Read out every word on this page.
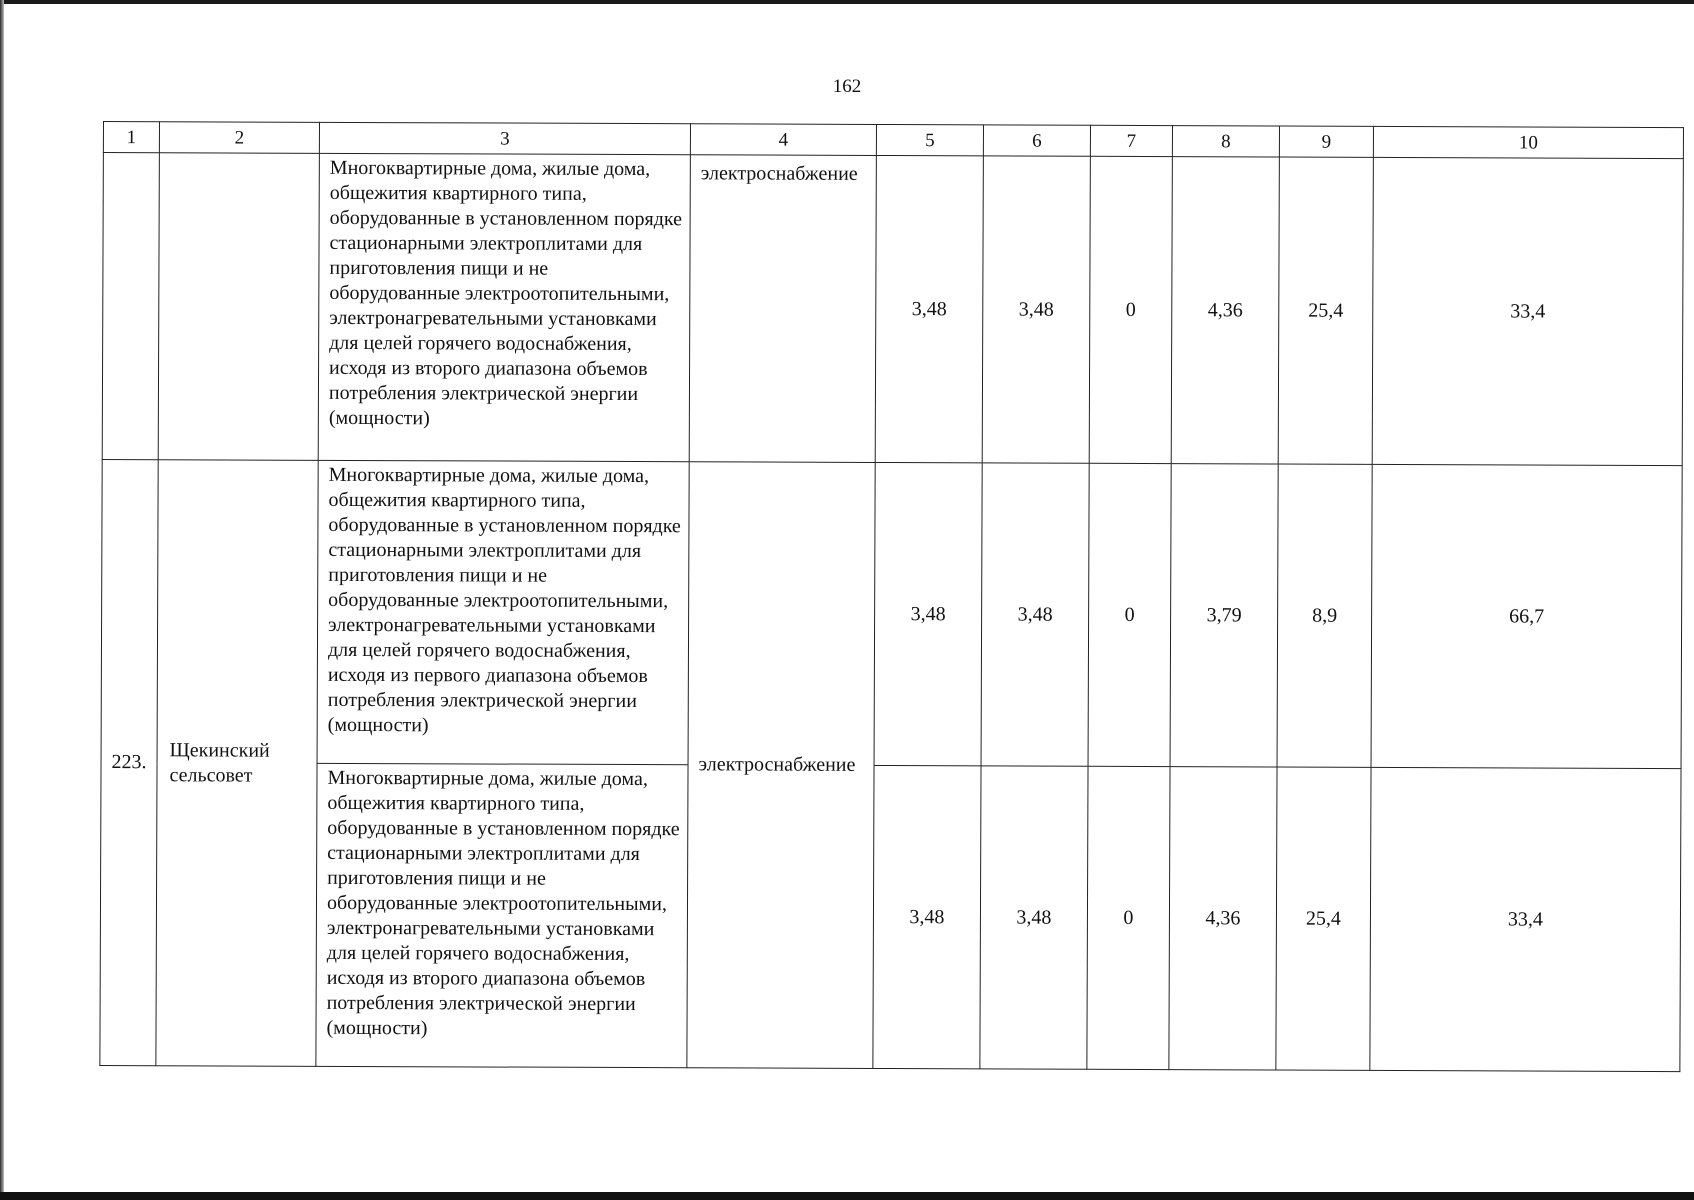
162
1	2	3	4	5	6	7	8	9	10
		Многоквартирные дома, жилые дома, общежития квартирного типа, оборудованные в установленном порядке стационарными электроплитами для приготовления пищи и не оборудованные электроотопительными, электронагревательными установками для целей горячего водоснабжения, исходя из второго диапазона объемов потребления электрической энергии (мощности)	электроснабжение	3,48	3,48	0	4,36	25,4	33,4
223.	Щекинский сельсовет	Многоквартирные дома, жилые дома, общежития квартирного типа, оборудованные в установленном порядке стационарными электроплитами для приготовления пищи и не оборудованные электроотопительными, электронагревательными установками для целей горячего водоснабжения, исходя из первого диапазона объемов потребления электрической энергии (мощности)	электроснабжение	3,48	3,48	0	3,79	8,9	66,7
		Многоквартирные дома, жилые дома, общежития квартирного типа, оборудованные в установленном порядке стационарными электроплитами для приготовления пищи и не оборудованные электроотопительными, электронагревательными установками для целей горячего водоснабжения, исходя из второго диапазона объемов потребления электрической энергии (мощности)		3,48	3,48	0	4,36	25,4	33,4
